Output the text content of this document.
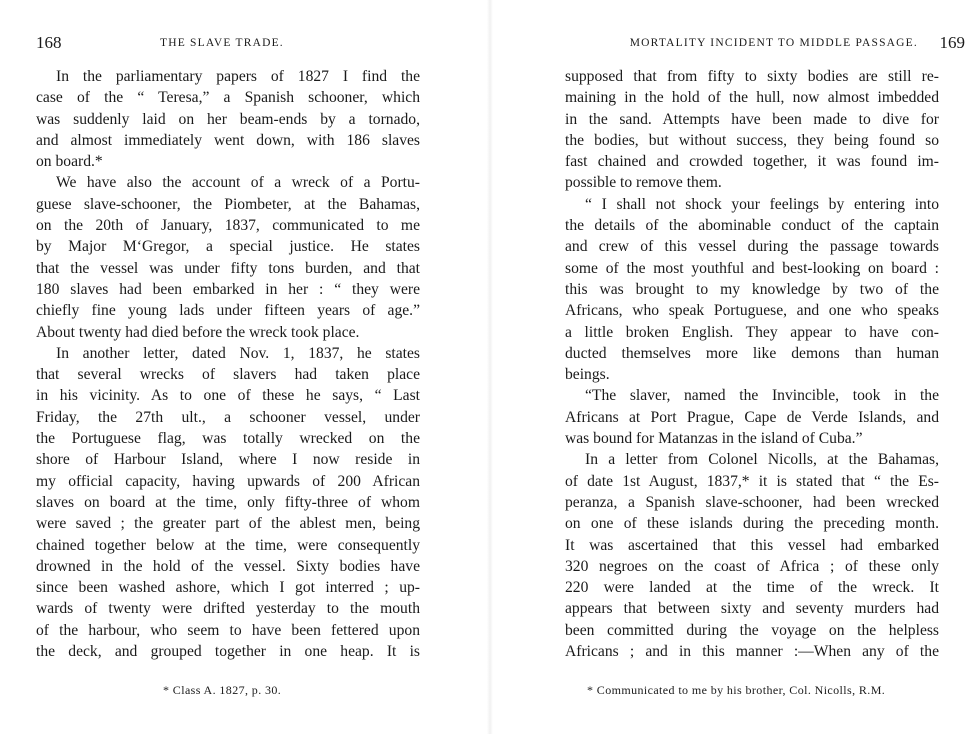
168	THE SLAVE TRADE.
In the parliamentary papers of 1827 I find the
case of the “ Teresa,” a Spanish schooner, which
was suddenly laid on her beam-ends by a tornado,
and almost immediately went down, with 186 slaves
on board.*
We have also the account of a wreck of a Portu-
guese slave-schooner, the Piombeter, at the Bahamas,
on the 20th of January, 1837, communicated to me
by Major M‘Gregor, a special justice. He states
that the vessel was under fifty tons burden, and that
180 slaves had been embarked in her : “ they were
chiefly fine young lads under fifteen years of age.”
About twenty had died before the wreck took place.
In another letter, dated Nov. 1, 1837, he states
that several wrecks of slavers had taken place
in his vicinity. As to one of these he says, “ Last
Friday, the 27th ult., a schooner vessel, under
the Portuguese flag, was totally wrecked on the
shore of Harbour Island, where I now reside in
my official capacity, having upwards of 200 African
slaves on board at the time, only fifty-three of whom
were saved ; the greater part of the ablest men, being
chained together below at the time, were consequently
drowned in the hold of the vessel. Sixty bodies have
since been washed ashore, which I got interred ; up-
wards of twenty were drifted yesterday to the mouth
of the harbour, who seem to have been fettered upon
the deck, and grouped together in one heap. It is
* Class A. 1827, p. 30.
MORTALITY INCIDENT TO MIDDLE PASSAGE. 169
supposed that from fifty to sixty bodies are still re-
maining in the hold of the hull, now almost imbedded
in the sand. Attempts have been made to dive for
the bodies, but without success, they being found so
fast chained and crowded together, it was found im-
possible to remove them.
“ I shall not shock your feelings by entering into
the details of the abominable conduct of the captain
and crew of this vessel during the passage towards
some of the most youthful and best-looking on board :
this was brought to my knowledge by two of the
Africans, who speak Portuguese, and one who speaks
a little broken English. They appear to have con-
ducted themselves more like demons than human
beings.
“The slaver, named the Invincible, took in the
Africans at Port Prague, Cape de Verde Islands, and
was bound for Matanzas in the island of Cuba.”
In a letter from Colonel Nicolls, at the Bahamas,
of date 1st August, 1837,* it is stated that “ the Es-
peranza, a Spanish slave-schooner, had been wrecked
on one of these islands during the preceding month.
It was ascertained that this vessel had embarked
320 negroes on the coast of Africa ; of these only
220 were landed at the time of the wreck. It
appears that between sixty and seventy murders had
been committed during the voyage on the helpless
Africans ; and in this manner :—When any of the
* Communicated to me by his brother, Col. Nicolls, R.M.
